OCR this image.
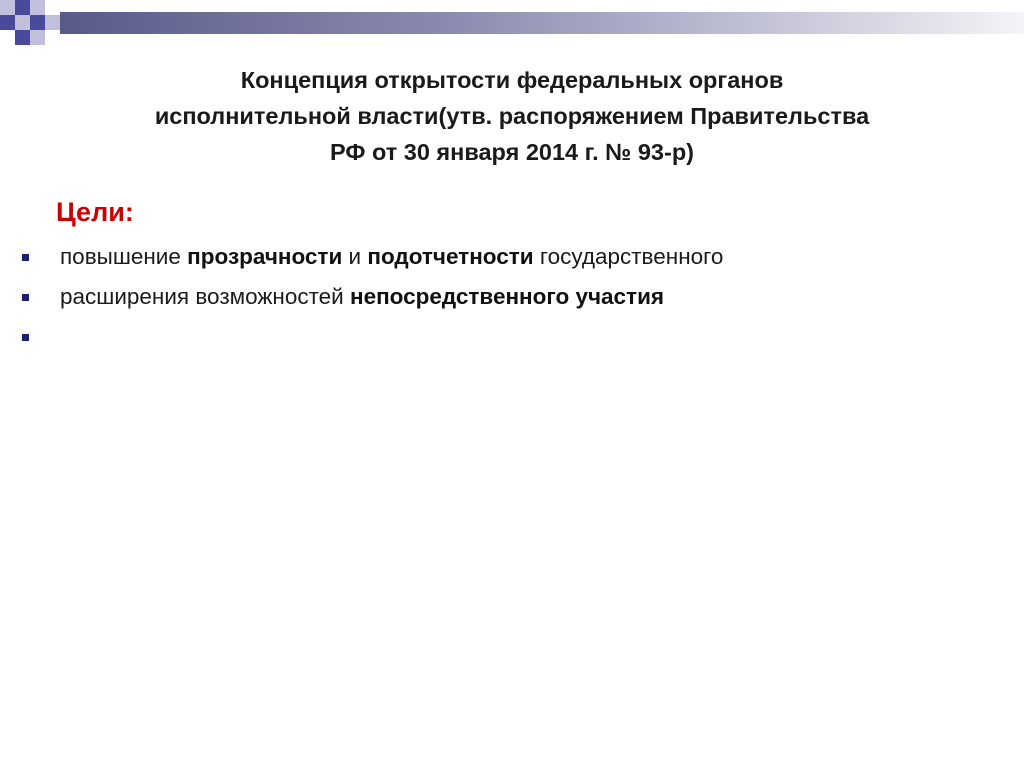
Концепция открытости федеральных органов
исполнительной власти(утв. распоряжением Правительства
РФ от 30 января 2014 г. № 93-р)
Цели:

повышение прозрачности и подотчетности государственного

расширения возможностей непосредственного участия
